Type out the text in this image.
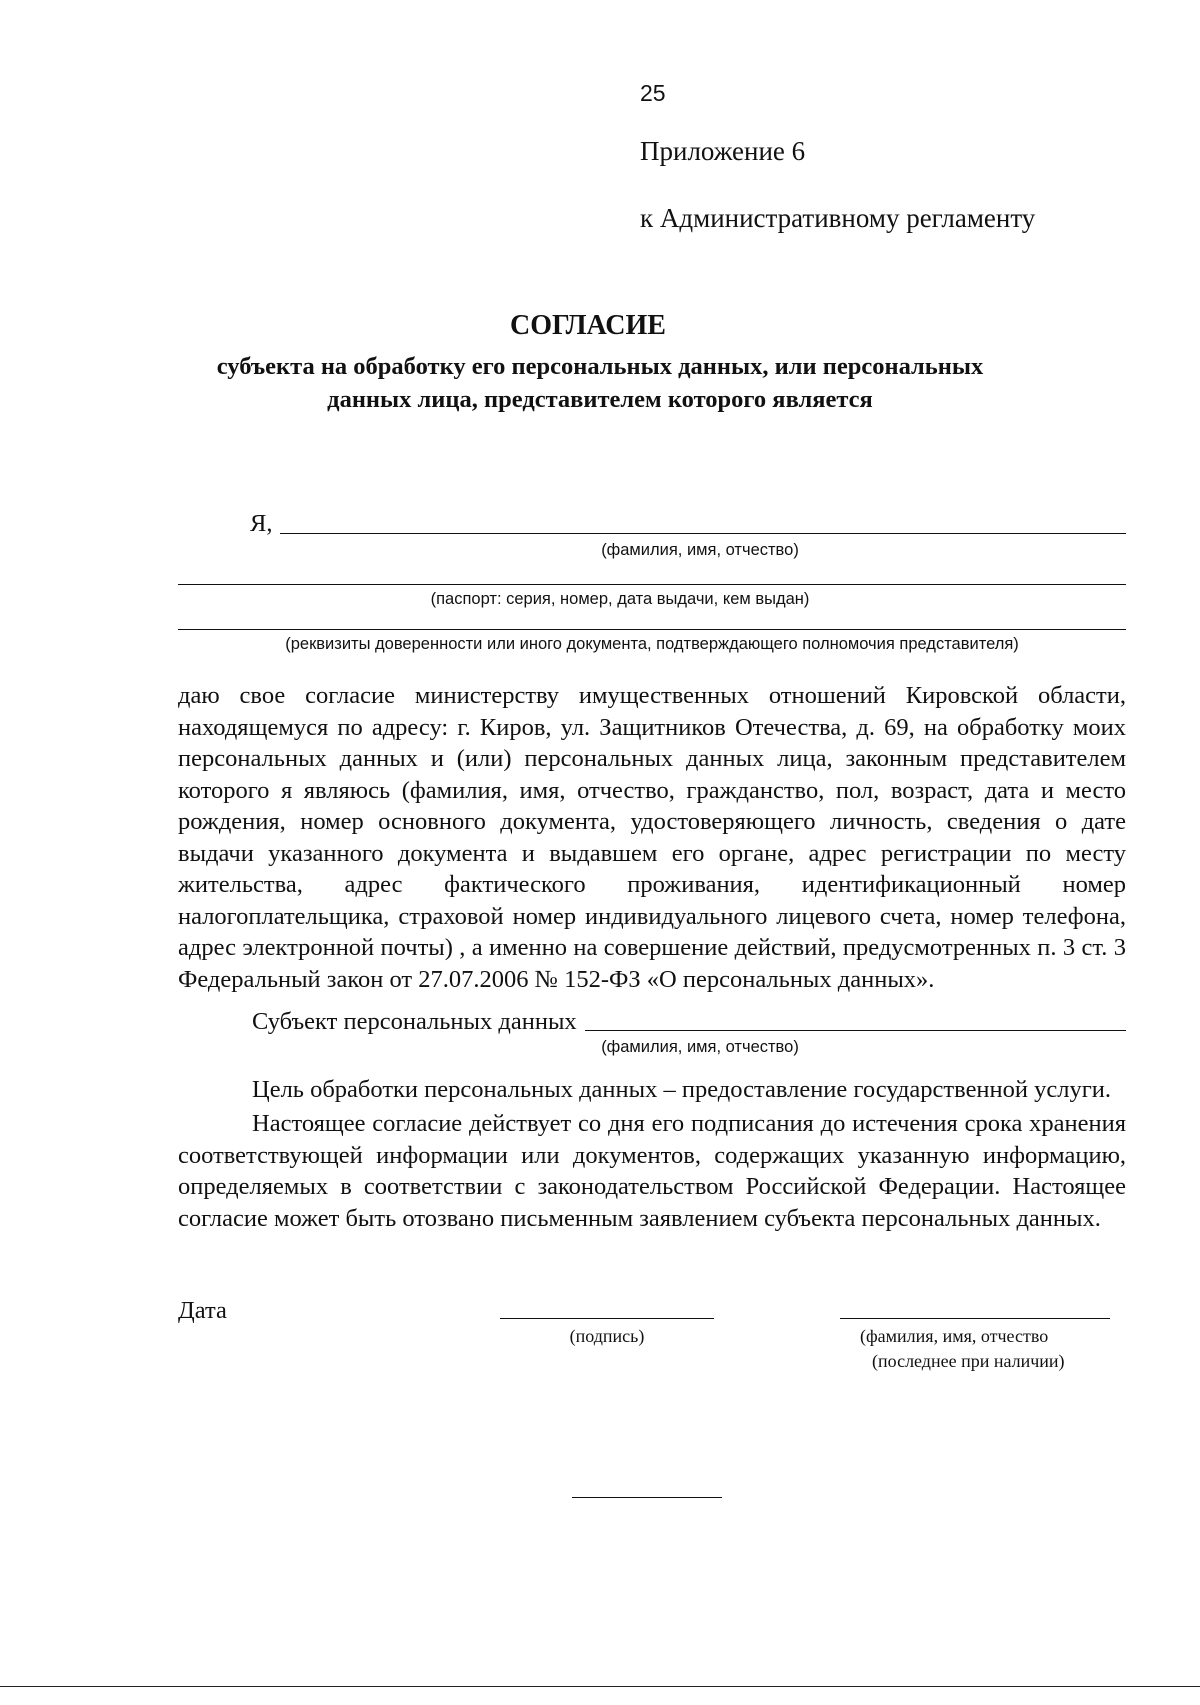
25
Приложение 6
к Административному регламенту
СОГЛАСИЕ
субъекта на обработку его персональных данных, или персональных
данных лица, представителем которого является
Я,
(фамилия, имя, отчество)
(паспорт: серия, номер, дата выдачи, кем выдан)
(реквизиты доверенности или иного документа, подтверждающего полномочия представителя)
даю свое согласие министерству имущественных отношений Кировской области,
находящемуся по адресу: г. Киров, ул. Защитников Отечества, д. 69, на обработку моих
персональных данных и (или) персональных данных лица, законным представителем
которого я являюсь (фамилия, имя, отчество, гражданство, пол, возраст, дата и место
рождения, номер основного документа, удостоверяющего личность, сведения о дате
выдачи указанного документа и выдавшем его органе, адрес регистрации по месту
жительства, адрес фактического проживания, идентификационный номер
налогоплательщика, страховой номер индивидуального лицевого счета, номер телефона,
адрес электронной почты) , а именно на совершение действий, предусмотренных п. 3 ст. 3
Федеральный закон от 27.07.2006 № 152-ФЗ «О персональных данных».
Субъект персональных данных
(фамилия, имя, отчество)
Цель обработки персональных данных – предоставление государственной услуги.
Настоящее согласие действует со дня его подписания до истечения срока хранения
соответствующей информации или документов, содержащих указанную информацию,
определяемых в соответствии с законодательством Российской Федерации. Настоящее
согласие может быть отозвано письменным заявлением субъекта персональных данных.
Дата
(подпись)	(фамилия, имя, отчество
(последнее при наличии)
